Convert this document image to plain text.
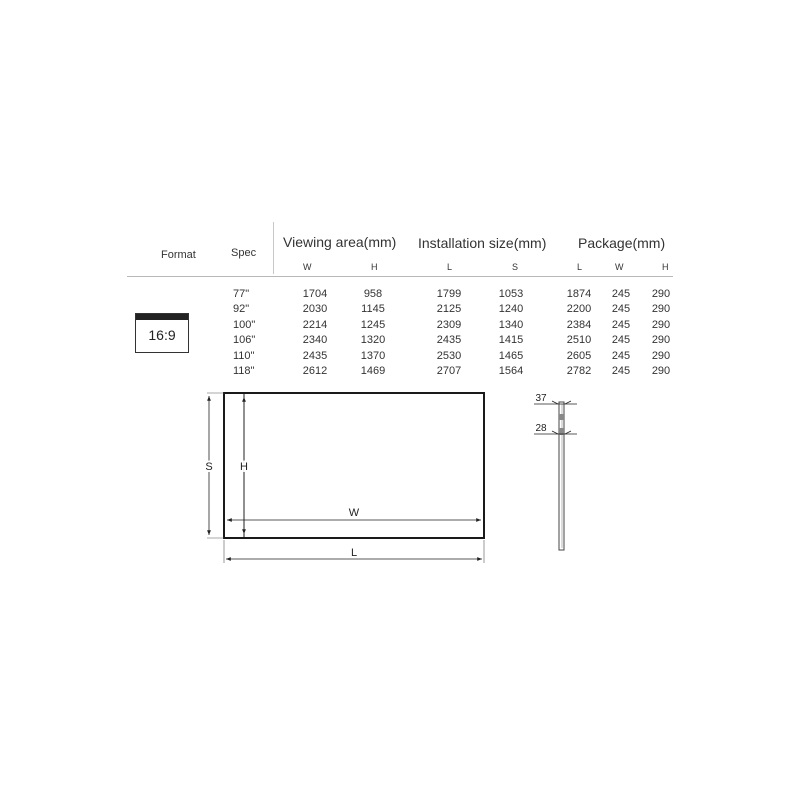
Format	Spec
Viewing area(mm) Installation size(mm) Package(mm)
W	H	L	S	L	W	H
16:9
77"	1704	958	1799	1053	1874	245	290
92"	2030	1145	2125	1240	2200	245	290
100"	2214	1245	2309	1340	2384	245	290
106"	2340	1320	2435	1415	2510	245	290
110"	2435	1370	2530	1465	2605	245	290
118"	2612	1469	2707	1564	2782	245	290
S H
W
L
37
28
